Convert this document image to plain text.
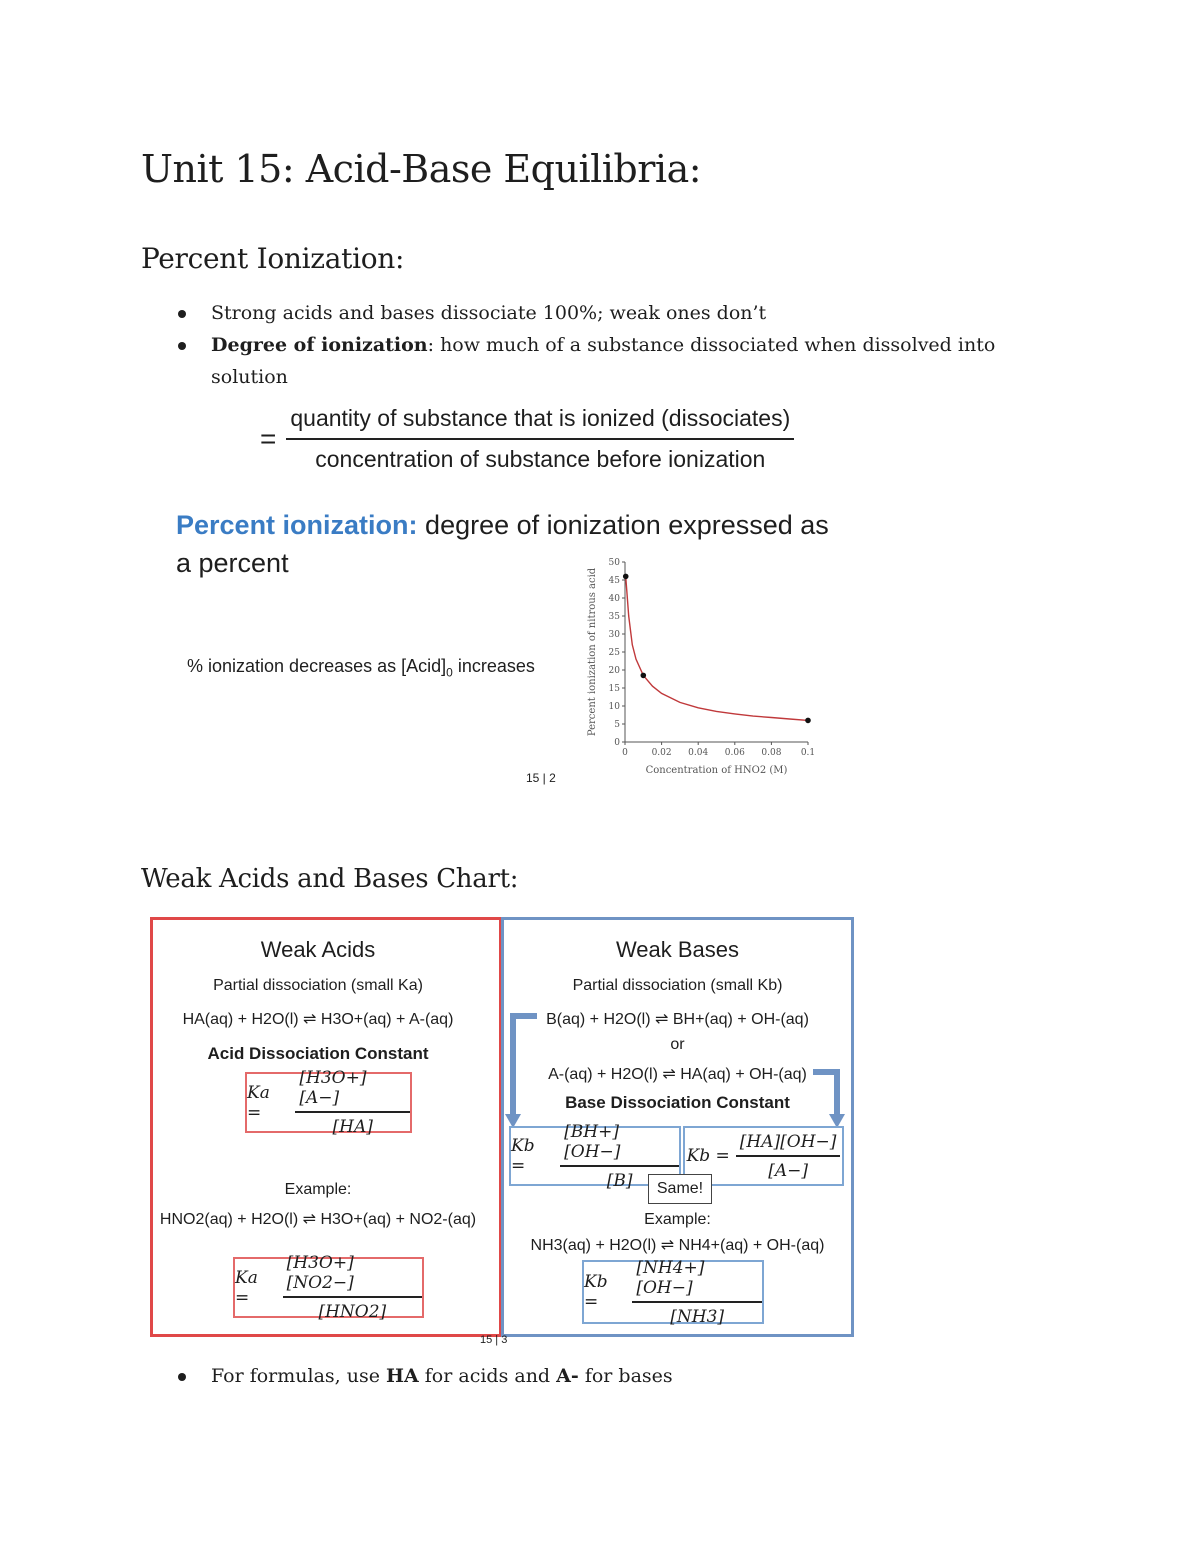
Unit 15: Acid-Base Equilibria:
Percent Ionization:
Strong acids and bases dissociate 100%; weak ones don’t
Degree of ionization: how much of a substance dissociated when dissolved into solution
= $\frac{\text{quantity of substance that is ionized (dissociates)}}{\text{concentration of substance before ionization}}$
Percent ionization: degree of ionization expressed as
a percent
% ionization decreases as $[Acid]_0$ increases
15 | 2
0
5
10
15
20
25
30
35
40
45
50
0	0.02 0.04 0.06 0.08 0.1
Concentration of HNO2 (M)
Percent ionization of nitrous acid
Weak Acids and Bases Chart:
Weak Acids
Partial dissociation (small Ka)
HA(aq) + H2O(l) ⇌ H3O+(aq) + A-(aq)
Acid Dissociation Constant
Ka =	$\frac{[H3O+][A-]}{[HA]}$
Example:
HNO2(aq) + H2O(l) ⇌ H3O+(aq) + NO2-(aq)
Ka =	$\frac{[H3O+][NO2-]}{\text{[HNO2]}}$
Weak Bases
Partial dissociation (small Kb)
B(aq) + H2O(l) ⇌ BH+(aq) + OH-(aq)
or
A-(aq) + H2O(l) ⇌ HA(aq) + OH-(aq)
Base Dissociation Constant
Kb =	$\frac{[BH+][OH-]}{[B]}$ $Kb = \frac{[HA][OH-]}{[A-]}$
Same!
Example:
NH3(aq) + H2O(l) ⇌ NH4+(aq) + OH-(aq)
Kb =	$\frac{[NH4+][OH-]}{[NH3]}$
15 | 3
For formulas, use HA for acids and A- for bases
